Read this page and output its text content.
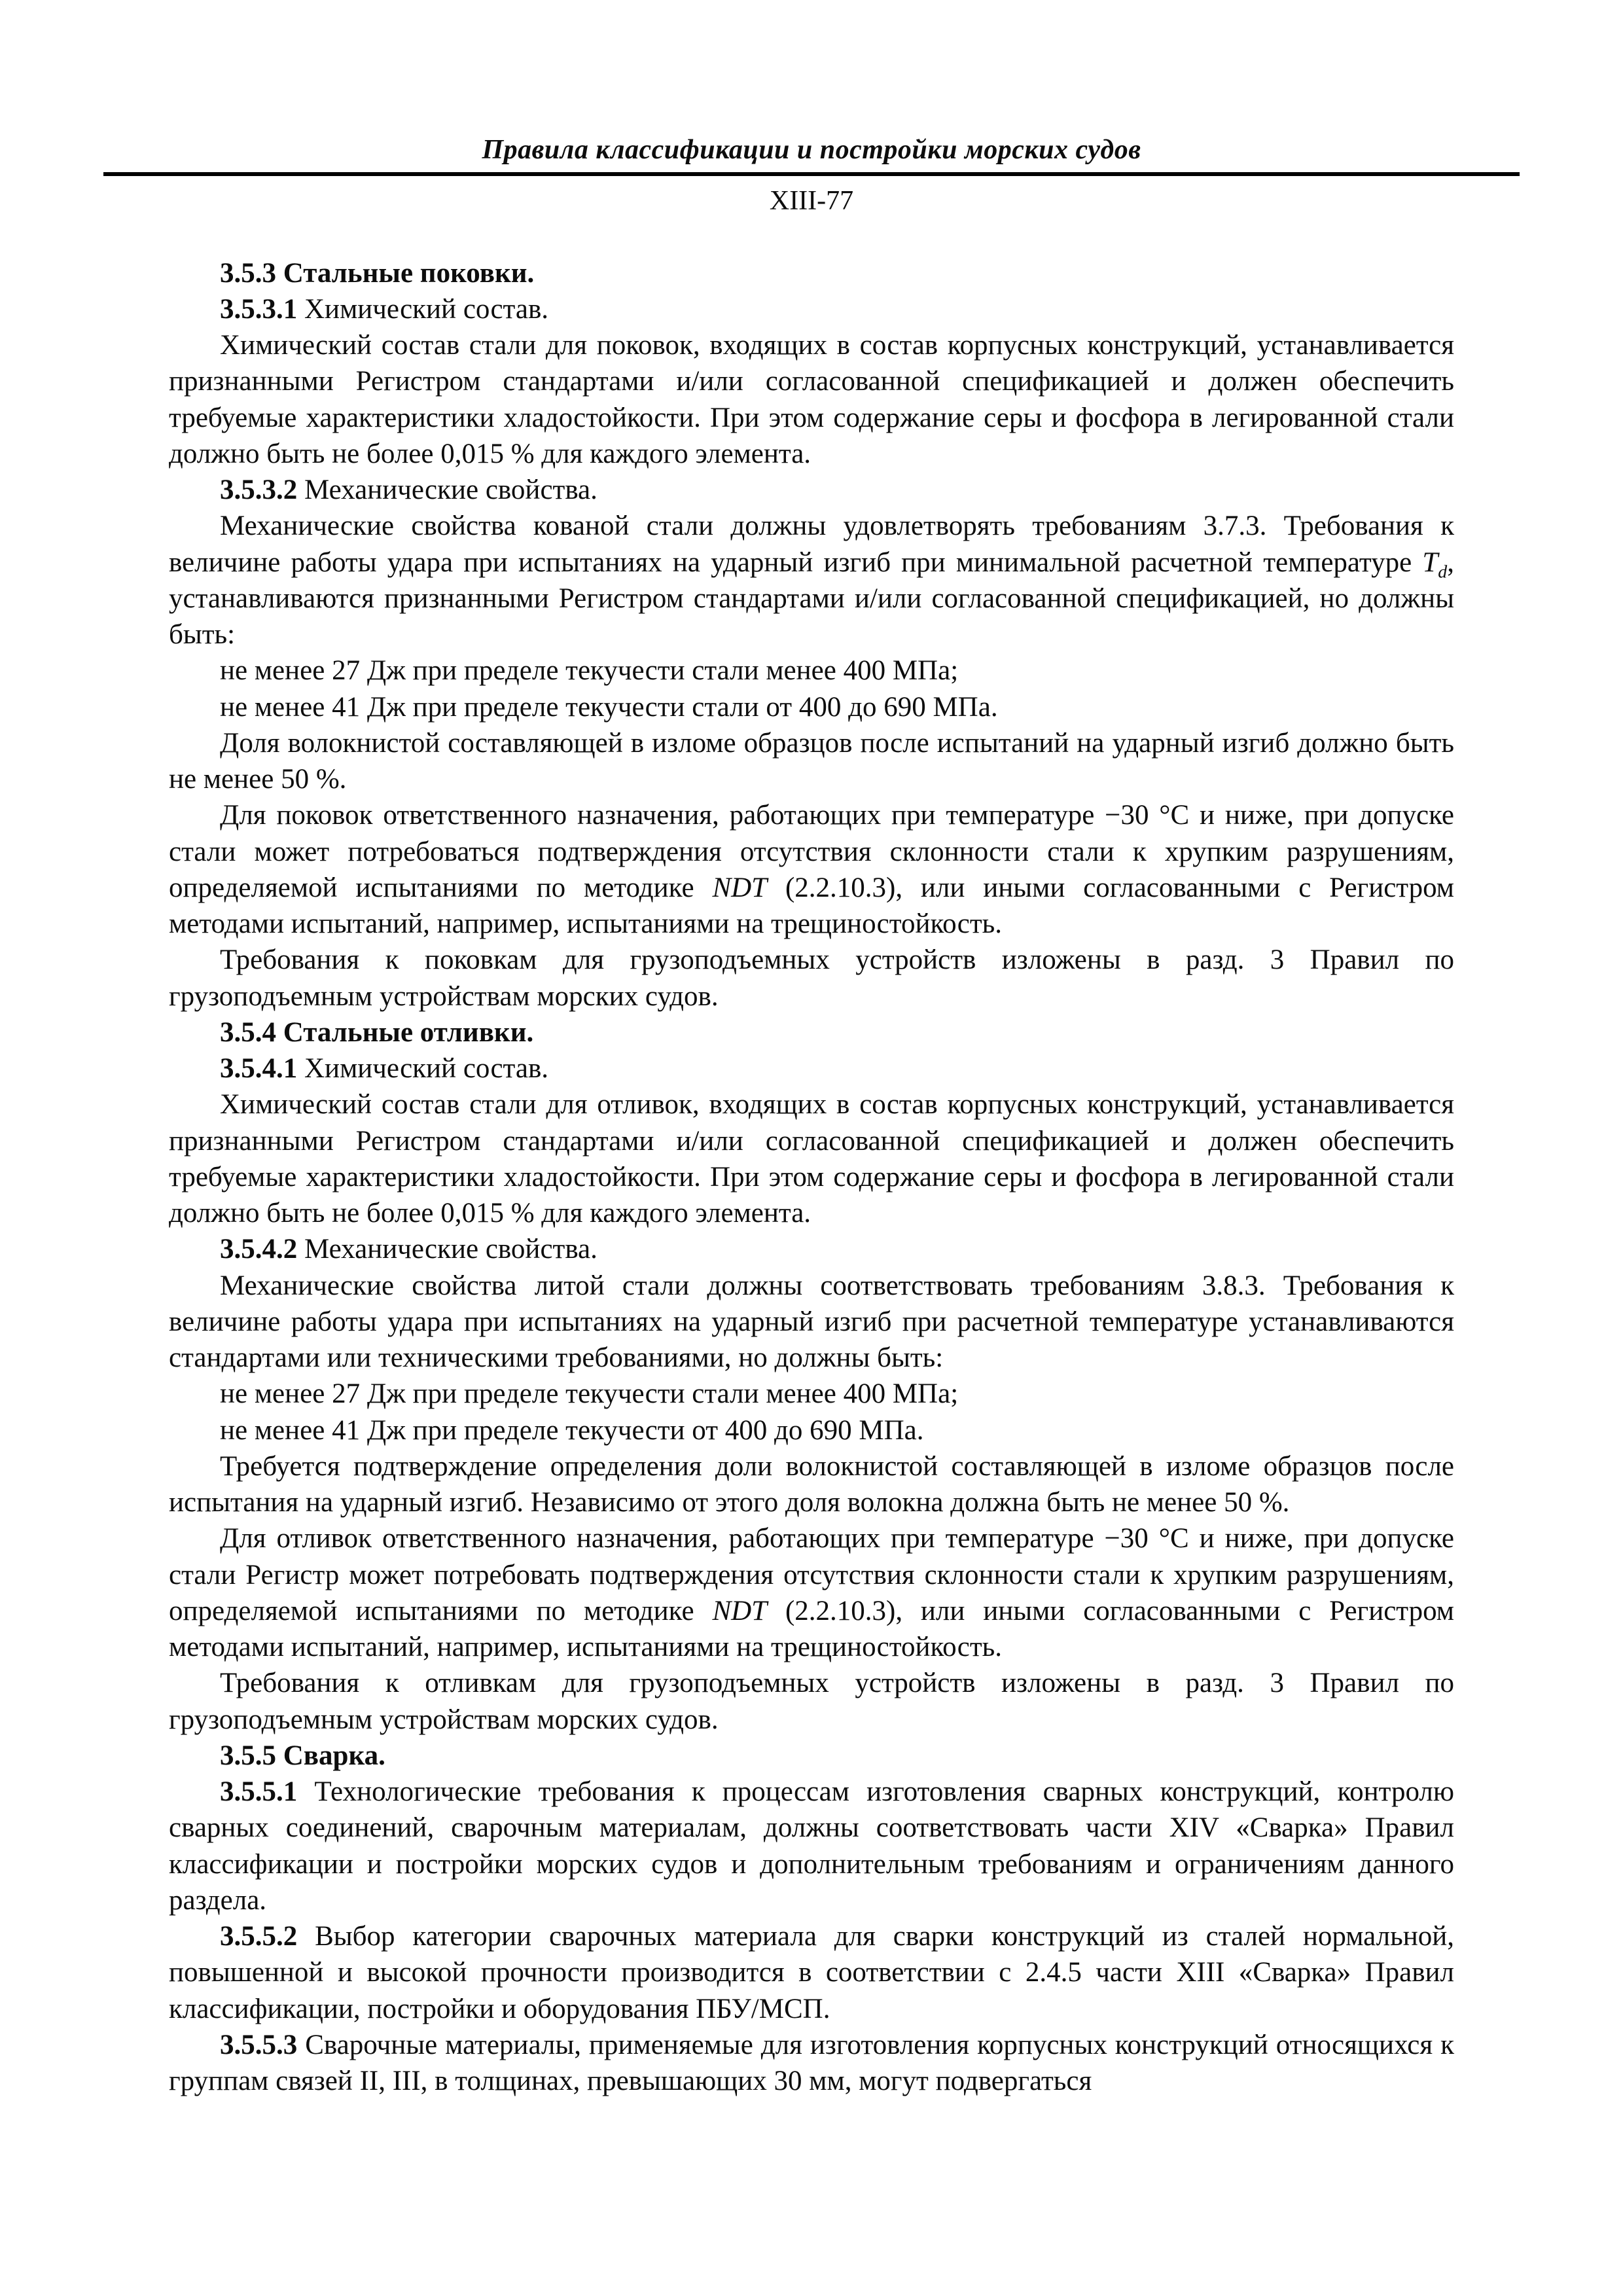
Правила классификации и постройки морских судов
XIII-77

3.5.3 Стальные поковки.

3.5.3.1 Химический состав.

Химический состав стали для поковок, входящих в состав корпусных конструкций, устанавливается признанными Регистром стандартами и/или согласованной спецификацией и должен обеспечить требуемые характеристики хладостойкости. При этом содержание серы и фосфора в легированной стали должно быть не более 0,015 % для каждого элемента.

3.5.3.2 Механические свойства.

Механические свойства кованой стали должны удовлетворять требованиям 3.7.3. Требования к величине работы удара при испытаниях на ударный изгиб при минимальной расчетной температуре $T_d$, устанавливаются признанными Регистром стандартами и/или согласованной спецификацией, но должны быть:

не менее 27 Дж при пределе текучести стали менее 400 МПа;

не менее 41 Дж при пределе текучести стали от 400 до 690 МПа.

Доля волокнистой составляющей в изломе образцов после испытаний на ударный изгиб должно быть не менее 50 %.

Для поковок ответственного назначения, работающих при температуре −30 °С и ниже, при допуске стали может потребоваться подтверждения отсутствия склонности стали к хрупким разрушениям, определяемой испытаниями по методике NDT (2.2.10.3), или иными согласованными с Регистром методами испытаний, например, испытаниями на трещиностойкость.

Требования к поковкам для грузоподъемных устройств изложены в разд. 3 Правил по грузоподъемным устройствам морских судов.

3.5.4 Стальные отливки.

3.5.4.1 Химический состав.

Химический состав стали для отливок, входящих в состав корпусных конструкций, устанавливается признанными Регистром стандартами и/или согласованной спецификацией и должен обеспечить требуемые характеристики хладостойкости. При этом содержание серы и фосфора в легированной стали должно быть не более 0,015 % для каждого элемента.

3.5.4.2 Механические свойства.

Механические свойства литой стали должны соответствовать требованиям 3.8.3. Требования к величине работы удара при испытаниях на ударный изгиб при расчетной температуре устанавливаются стандартами или техническими требованиями, но должны быть:

не менее 27 Дж при пределе текучести стали менее 400 МПа;

не менее 41 Дж при пределе текучести от 400 до 690 МПа.

Требуется подтверждение определения доли волокнистой составляющей в изломе образцов после испытания на ударный изгиб. Независимо от этого доля волокна должна быть не менее 50 %.

Для отливок ответственного назначения, работающих при температуре −30 °С и ниже, при допуске стали Регистр может потребовать подтверждения отсутствия склонности стали к хрупким разрушениям, определяемой испытаниями по методике NDT (2.2.10.3), или иными согласованными с Регистром методами испытаний, например, испытаниями на трещиностойкость.

Требования к отливкам для грузоподъемных устройств изложены в разд. 3 Правил по грузоподъемным устройствам морских судов.

3.5.5 Сварка.

3.5.5.1 Технологические требования к процессам изготовления сварных конструкций, контролю сварных соединений, сварочным материалам, должны соответствовать части XIV «Сварка» Правил классификации и постройки морских судов и дополнительным требованиям и ограничениям данного раздела.

3.5.5.2 Выбор категории сварочных материала для сварки конструкций из сталей нормальной, повышенной и высокой прочности производится в соответствии с 2.4.5 части XIII «Сварка» Правил классификации, постройки и оборудования ПБУ/МСП.

3.5.5.3 Сварочные материалы, применяемые для изготовления корпусных конструкций относящихся к группам связей II, III, в толщинах, превышающих 30 мм, могут подвергаться
